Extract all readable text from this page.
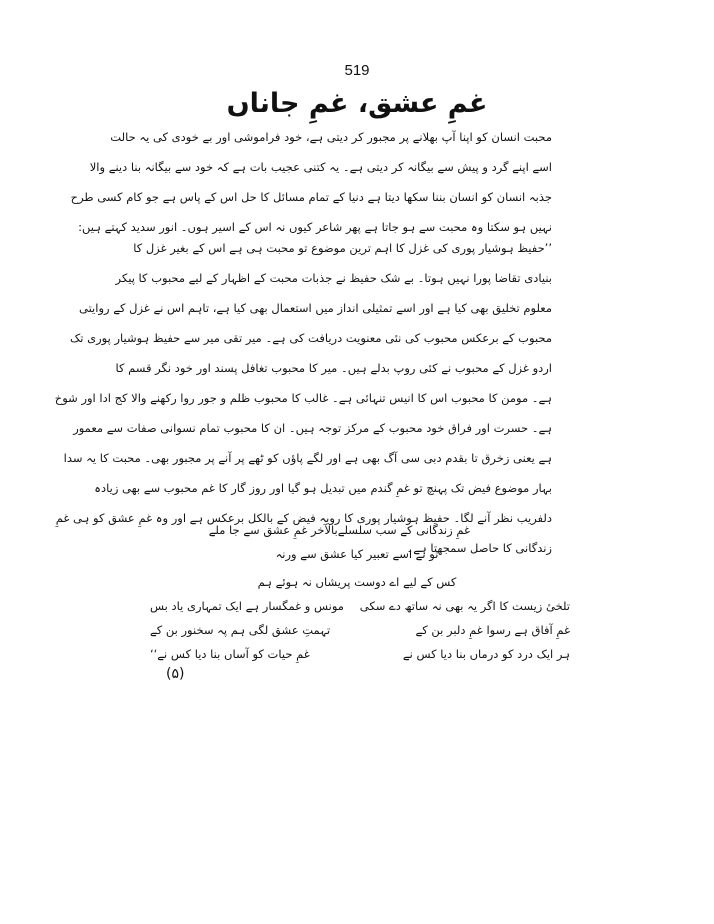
519
غمِ عشق، غمِ جاناں
محبت انسان کو اپنا آپ بھلانے پر مجبور کر دیتی ہے، خود فراموشی اور بے خودی کی یہ حالت
اسے اپنے گرد و پیش سے بیگانہ کر دیتی ہے۔ یہ کتنی عجیب بات ہے کہ خود سے بیگانہ بنا دینے والا
جذبہ انسان کو انسان بننا سکھا دیتا ہے دنیا کے تمام مسائل کا حل اس کے پاس ہے جو کام کسی طرح
نہیں ہو سکتا وہ محبت سے ہو جاتا ہے پھر شاعر کیوں نہ اس کے اسیر ہوں۔ انور سدید کہتے ہیں:
’’حفیظ ہوشیار پوری کی غزل کا اہم ترین موضوع تو محبت ہی ہے اس کے بغیر غزل کا
بنیادی تقاضا پورا نہیں ہوتا۔ بے شک حفیظ نے جذبات محبت کے اظہار کے لیے محبوب کا پیکر
معلوم تخلیق بھی کیا ہے اور اسے تمثیلی انداز میں استعمال بھی کیا ہے، تاہم اس نے غزل کے روایتی
محبوب کے برعکس محبوب کی نئی معنویت دریافت کی ہے۔ میر تقی میر سے حفیظ ہوشیار پوری تک
اردو غزل کے محبوب نے کئی روپ بدلے ہیں۔ میر کا محبوب تغافل پسند اور خود نگر قسم کا
ہے۔ مومن کا محبوب اس کا انیس تنہائی ہے۔ غالب کا محبوب ظلم و جور روا رکھنے والا کج ادا اور شوخ
ہے۔ حسرت اور فراق خود محبوب کے مرکز توجہ ہیں۔ ان کا محبوب تمام نسوانی صفات سے معمور
ہے یعنی زخرق تا بقدم دبی سی آگ بھی ہے اور لگے پاؤں کو ٹھے پر آنے پر مجبور بھی۔ محبت کا یہ سدا
بہار موضوع فیض تک پہنچ تو غمِ گندم میں تبدیل ہو گیا اور روز گار کا غم محبوب سے بھی زیادہ
دلفریب نظر آنے لگا۔ حفیظ ہوشیار پوری کا رویہ فیض کے بالکل برعکس ہے اور وہ غمِ عشق کو ہی غمِ
زندگانی کا حاصل سمجھتا ہے۔
غمِ زندگانی کے سب سلسلے
بالآخر غمِ عشق سے جا ملے
تو نے اسے تعبیر کیا عشق سے ورنہ
کس کے لیے اے دوست پریشاں نہ ہوئے ہم
تلخیٔ زیست کا اگر یہ بھی نہ ساتھ دے سکی
مونس و غمگسار ہے ایک تمہاری یاد بس
غمِ آفاق ہے رسوا غمِ دلبر بن کے
تہمتِ عشق لگی ہم پہ سخنور بن کے
ہر ایک درد کو درماں بنا دیا کس نے
غمِ حیات کو آساں بنا دیا کس نے‘‘
(۵)
